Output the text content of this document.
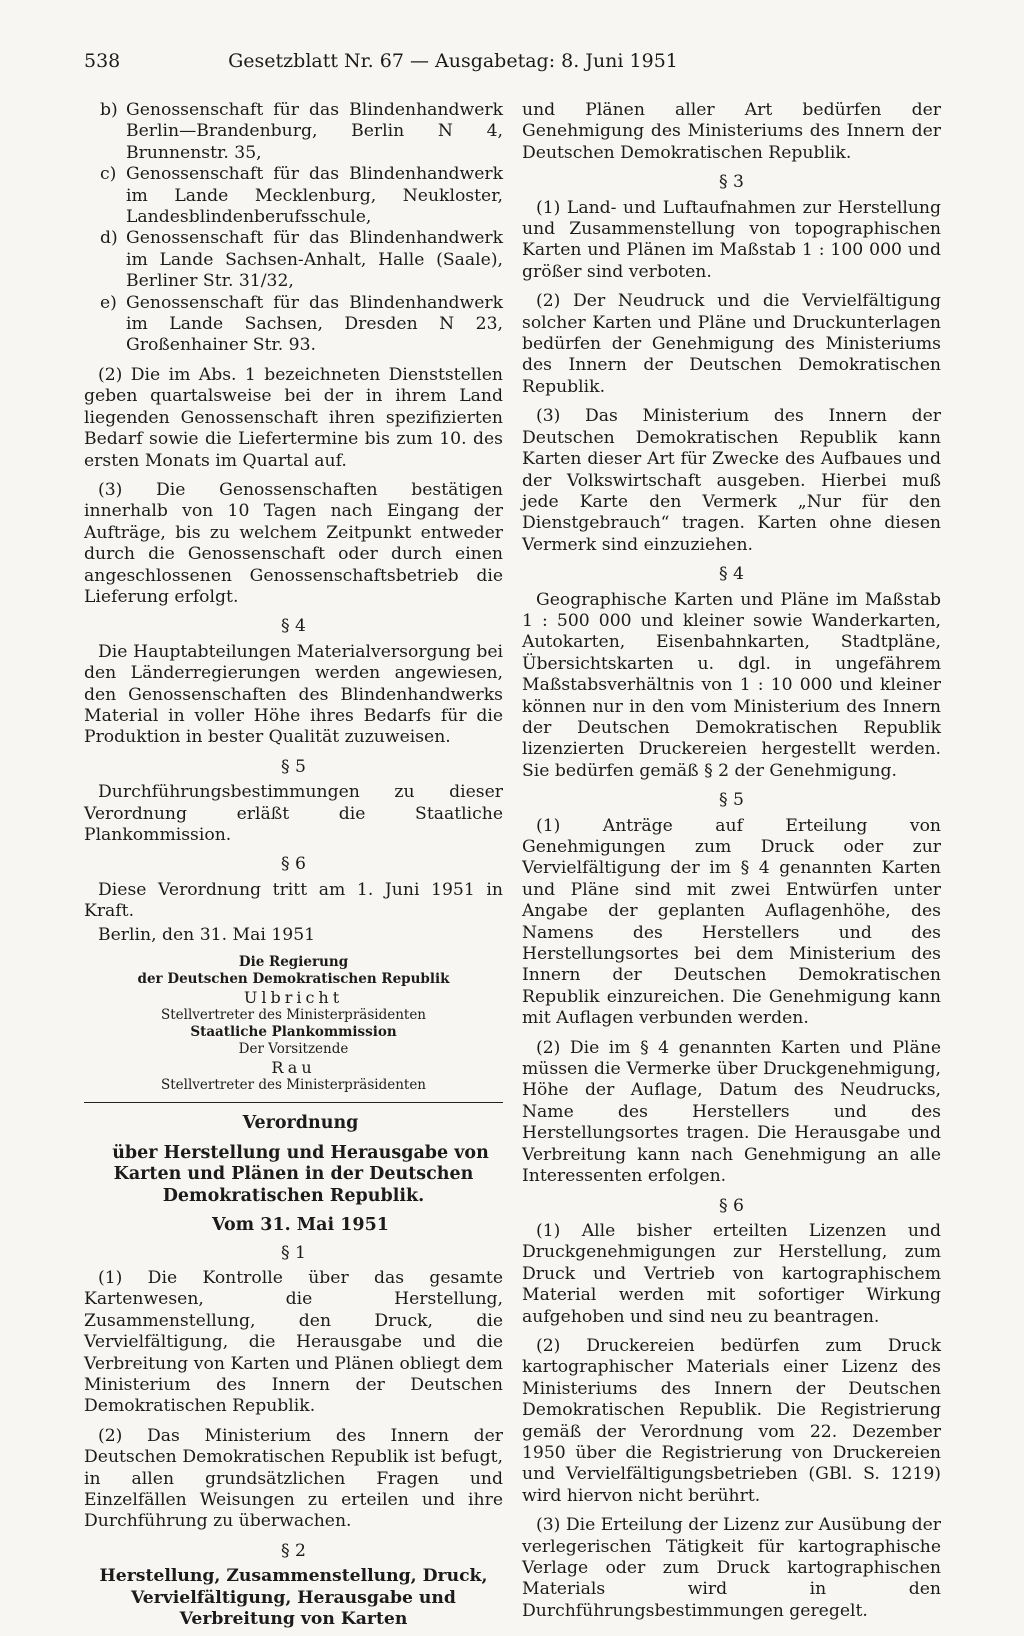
538	Gesetzblatt Nr. 67 — Ausgabetag: 8. Juni 1951
b) Genossenschaft für das Blindenhandwerk Berlin—Brandenburg, Berlin N 4, Brunnenstr. 35,
c) Genossenschaft für das Blindenhandwerk im Lande Mecklenburg, Neukloster, Landesblindenberufsschule,
d) Genossenschaft für das Blindenhandwerk im Lande Sachsen-Anhalt, Halle (Saale), Berliner Str. 31/32,
e) Genossenschaft für das Blindenhandwerk im Lande Sachsen, Dresden N 23, Großenhainer Str. 93.

(2) Die im Abs. 1 bezeichneten Dienststellen geben quartalsweise bei der in ihrem Land liegenden Genossenschaft ihren spezifizierten Bedarf sowie die Liefertermine bis zum 10. des ersten Monats im Quartal auf.

(3) Die Genossenschaften bestätigen innerhalb von 10 Tagen nach Eingang der Aufträge, bis zu welchem Zeitpunkt entweder durch die Genossenschaft oder durch einen angeschlossenen Genossenschaftsbetrieb die Lieferung erfolgt.

§ 4

Die Hauptabteilungen Materialversorgung bei den Länderregierungen werden angewiesen, den Genossenschaften des Blindenhandwerks Material in voller Höhe ihres Bedarfs für die Produktion in bester Qualität zuzuweisen.

§ 5

Durchführungsbestimmungen zu dieser Verordnung erläßt die Staatliche Plankommission.

§ 6

Diese Verordnung tritt am 1. Juni 1951 in Kraft.

Berlin, den 31. Mai 1951

Die Regierung
der Deutschen Demokratischen Republik
Ulbricht
Stellvertreter des Ministerpräsidenten
Staatliche Plankommission
Der Vorsitzende
Rau
Stellvertreter des Ministerpräsidenten

Verordnung

über Herstellung und Herausgabe von Karten und Plänen in der Deutschen Demokratischen Republik.

Vom 31. Mai 1951

§ 1

(1) Die Kontrolle über das gesamte Kartenwesen, die Herstellung, Zusammenstellung, den Druck, die Vervielfältigung, die Herausgabe und die Verbreitung von Karten und Plänen obliegt dem Ministerium des Innern der Deutschen Demokratischen Republik.

(2) Das Ministerium des Innern der Deutschen Demokratischen Republik ist befugt, in allen grundsätzlichen Fragen und Einzelfällen Weisungen zu erteilen und ihre Durchführung zu überwachen.

§ 2
Herstellung, Zusammenstellung, Druck, Vervielfältigung, Herausgabe und Verbreitung von Karten

und Plänen aller Art bedürfen der Genehmigung des Ministeriums des Innern der Deutschen Demokratischen Republik.

§ 3

(1) Land- und Luftaufnahmen zur Herstellung und Zusammenstellung von topographischen Karten und Plänen im Maßstab 1 : 100 000 und größer sind verboten.

(2) Der Neudruck und die Vervielfältigung solcher Karten und Pläne und Druckunterlagen bedürfen der Genehmigung des Ministeriums des Innern der Deutschen Demokratischen Republik.

(3) Das Ministerium des Innern der Deutschen Demokratischen Republik kann Karten dieser Art für Zwecke des Aufbaues und der Volkswirtschaft ausgeben. Hierbei muß jede Karte den Vermerk „Nur für den Dienstgebrauch“ tragen. Karten ohne diesen Vermerk sind einzuziehen.

§ 4

Geographische Karten und Pläne im Maßstab 1 : 500 000 und kleiner sowie Wanderkarten, Autokarten, Eisenbahnkarten, Stadtpläne, Übersichtskarten u. dgl. in ungefährem Maßstabsverhältnis von 1 : 10 000 und kleiner können nur in den vom Ministerium des Innern der Deutschen Demokratischen Republik lizenzierten Druckereien hergestellt werden. Sie bedürfen gemäß § 2 der Genehmigung.

§ 5

(1) Anträge auf Erteilung von Genehmigungen zum Druck oder zur Vervielfältigung der im § 4 genannten Karten und Pläne sind mit zwei Entwürfen unter Angabe der geplanten Auflagenhöhe, des Namens des Herstellers und des Herstellungsortes bei dem Ministerium des Innern der Deutschen Demokratischen Republik einzureichen. Die Genehmigung kann mit Auflagen verbunden werden.

(2) Die im § 4 genannten Karten und Pläne müssen die Vermerke über Druckgenehmigung, Höhe der Auflage, Datum des Neudrucks, Name des Herstellers und des Herstellungsortes tragen. Die Herausgabe und Verbreitung kann nach Genehmigung an alle Interessenten erfolgen.

§ 6

(1) Alle bisher erteilten Lizenzen und Druckgenehmigungen zur Herstellung, zum Druck und Vertrieb von kartographischem Material werden mit sofortiger Wirkung aufgehoben und sind neu zu beantragen.

(2) Druckereien bedürfen zum Druck kartographischer Materials einer Lizenz des Ministeriums des Innern der Deutschen Demokratischen Republik. Die Registrierung gemäß der Verordnung vom 22. Dezember 1950 über die Registrierung von Druckereien und Vervielfältigungsbetrieben (GBl. S. 1219) wird hiervon nicht berührt.

(3) Die Erteilung der Lizenz zur Ausübung der verlegerischen Tätigkeit für kartographische Verlage oder zum Druck kartographischen Materials wird in den Durchführungsbestimmungen geregelt.
